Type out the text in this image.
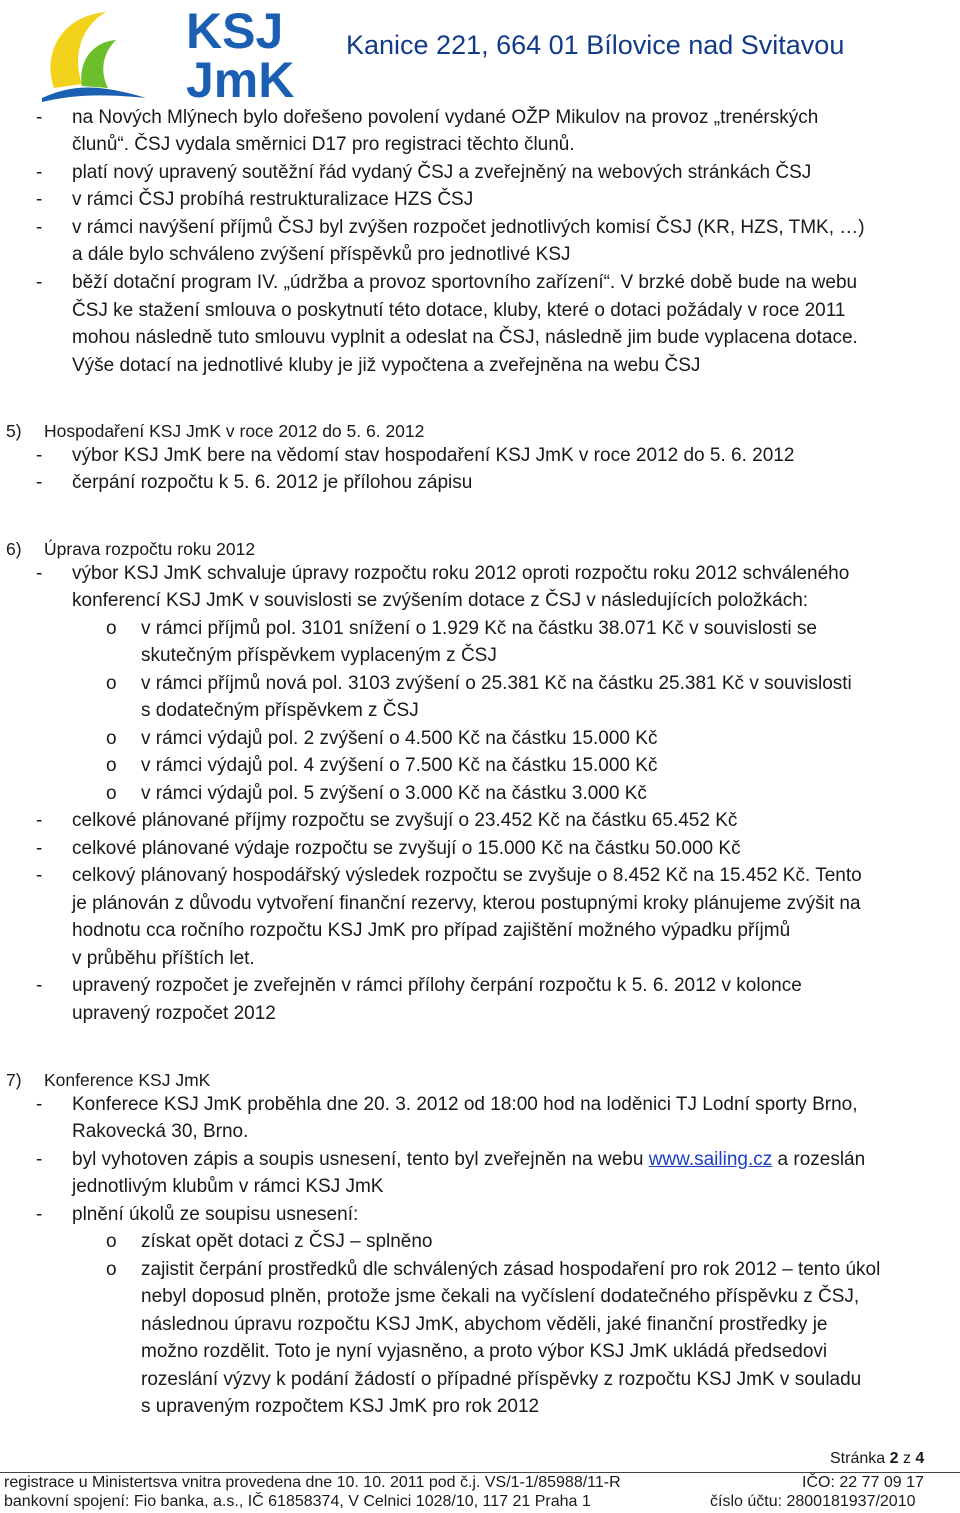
KSJ
JmK
Kanice 221, 664 01 Bílovice nad Svitavou
- na Nových Mlýnech bylo dořešeno povolení vydané OŽP Mikulov na provoz „trenérských
člunů“. ČSJ vydala směrnici D17 pro registraci těchto člunů.
- platí nový upravený soutěžní řád vydaný ČSJ a zveřejněný na webových stránkách ČSJ
- v rámci ČSJ probíhá restrukturalizace HZS ČSJ
- v rámci navýšení příjmů ČSJ byl zvýšen rozpočet jednotlivých komisí ČSJ (KR, HZS, TMK, …)
a dále bylo schváleno zvýšení příspěvků pro jednotlivé KSJ
- běží dotační program IV. „údržba a provoz sportovního zařízení“. V brzké době bude na webu
ČSJ ke stažení smlouva o poskytnutí této dotace, kluby, které o dotaci požádaly v roce 2011
mohou následně tuto smlouvu vyplnit a odeslat na ČSJ, následně jim bude vyplacena dotace.
Výše dotací na jednotlivé kluby je již vypočtena a zveřejněna na webu ČSJ
5) Hospodaření KSJ JmK v roce 2012 do 5. 6. 2012
- výbor KSJ JmK bere na vědomí stav hospodaření KSJ JmK v roce 2012 do 5. 6. 2012
- čerpání rozpočtu k 5. 6. 2012 je přílohou zápisu
6) Úprava rozpočtu roku 2012
- výbor KSJ JmK schvaluje úpravy rozpočtu roku 2012 oproti rozpočtu roku 2012 schváleného
konferencí KSJ JmK v souvislosti se zvýšením dotace z ČSJ v následujících položkách:
o v rámci příjmů pol. 3101 snížení o 1.929 Kč na částku 38.071 Kč v souvislosti se
skutečným příspěvkem vyplaceným z ČSJ
o v rámci příjmů nová pol. 3103 zvýšení o 25.381 Kč na částku 25.381 Kč v souvislosti
s dodatečným příspěvkem z ČSJ
o v rámci výdajů pol. 2 zvýšení o 4.500 Kč na částku 15.000 Kč
o v rámci výdajů pol. 4 zvýšení o 7.500 Kč na částku 15.000 Kč
o v rámci výdajů pol. 5 zvýšení o 3.000 Kč na částku 3.000 Kč
- celkové plánované příjmy rozpočtu se zvyšují o 23.452 Kč na částku 65.452 Kč
- celkové plánované výdaje rozpočtu se zvyšují o 15.000 Kč na částku 50.000 Kč
- celkový plánovaný hospodářský výsledek rozpočtu se zvyšuje o 8.452 Kč na 15.452 Kč. Tento
je plánován z důvodu vytvoření finanční rezervy, kterou postupnými kroky plánujeme zvýšit na
hodnotu cca ročního rozpočtu KSJ JmK pro případ zajištění možného výpadku příjmů
v průběhu příštích let.
- upravený rozpočet je zveřejněn v rámci přílohy čerpání rozpočtu k 5. 6. 2012 v kolonce
upravený rozpočet 2012
7) Konference KSJ JmK
- Konferece KSJ JmK proběhla dne 20. 3. 2012 od 18:00 hod na loděnici TJ Lodní sporty Brno,
Rakovecká 30, Brno.
- byl vyhotoven zápis a soupis usnesení, tento byl zveřejněn na webu www.sailing.cz a rozeslán
jednotlivým klubům v rámci KSJ JmK
- plnění úkolů ze soupisu usnesení:
o získat opět dotaci z ČSJ – splněno
o zajistit čerpání prostředků dle schválených zásad hospodaření pro rok 2012 – tento úkol
nebyl doposud plněn, protože jsme čekali na vyčíslení dodatečného příspěvku z ČSJ,
následnou úpravu rozpočtu KSJ JmK, abychom věděli, jaké finanční prostředky je
možno rozdělit. Toto je nyní vyjasněno, a proto výbor KSJ JmK ukládá předsedovi
rozeslání výzvy k podání žádostí o případné příspěvky z rozpočtu KSJ JmK v souladu
s upraveným rozpočtem KSJ JmK pro rok 2012
Stránka 2 z 4
registrace u Ministertsva vnitra provedena dne 10. 10. 2011 pod č.j. VS/1-1/85988/11-R	IČO: 22 77 09 17
bankovní spojení: Fio banka, a.s., IČ 61858374, V Celnici 1028/10, 117 21 Praha 1	číslo účtu: 2800181937/2010
